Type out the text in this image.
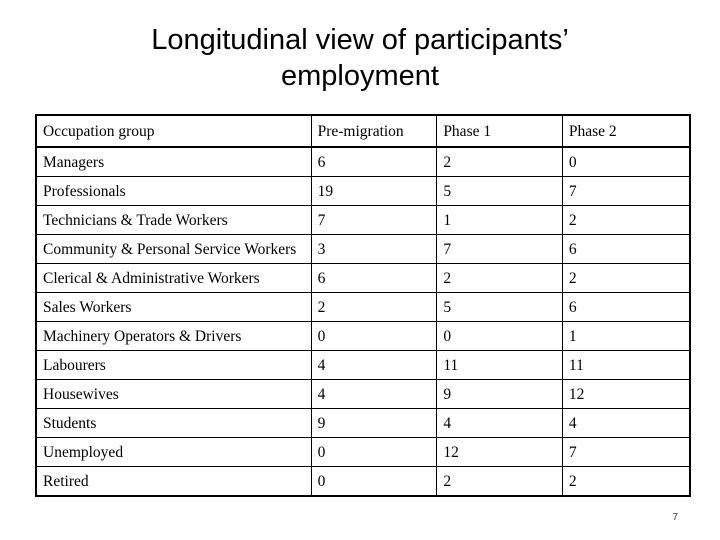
Longitudinal view of participants’
employment
Occupation group	Pre-migration	Phase 1	Phase 2
Managers	6	2	0
Professionals	19	5	7
Technicians & Trade Workers	7	1	2
Community & Personal Service Workers	3	7	6
Clerical & Administrative Workers	6	2	2
Sales Workers	2	5	6
Machinery Operators & Drivers	0	0	1
Labourers	4	11	11
Housewives	4	9	12
Students	9	4	4
Unemployed	0	12	7
Retired	0	2	2
7
